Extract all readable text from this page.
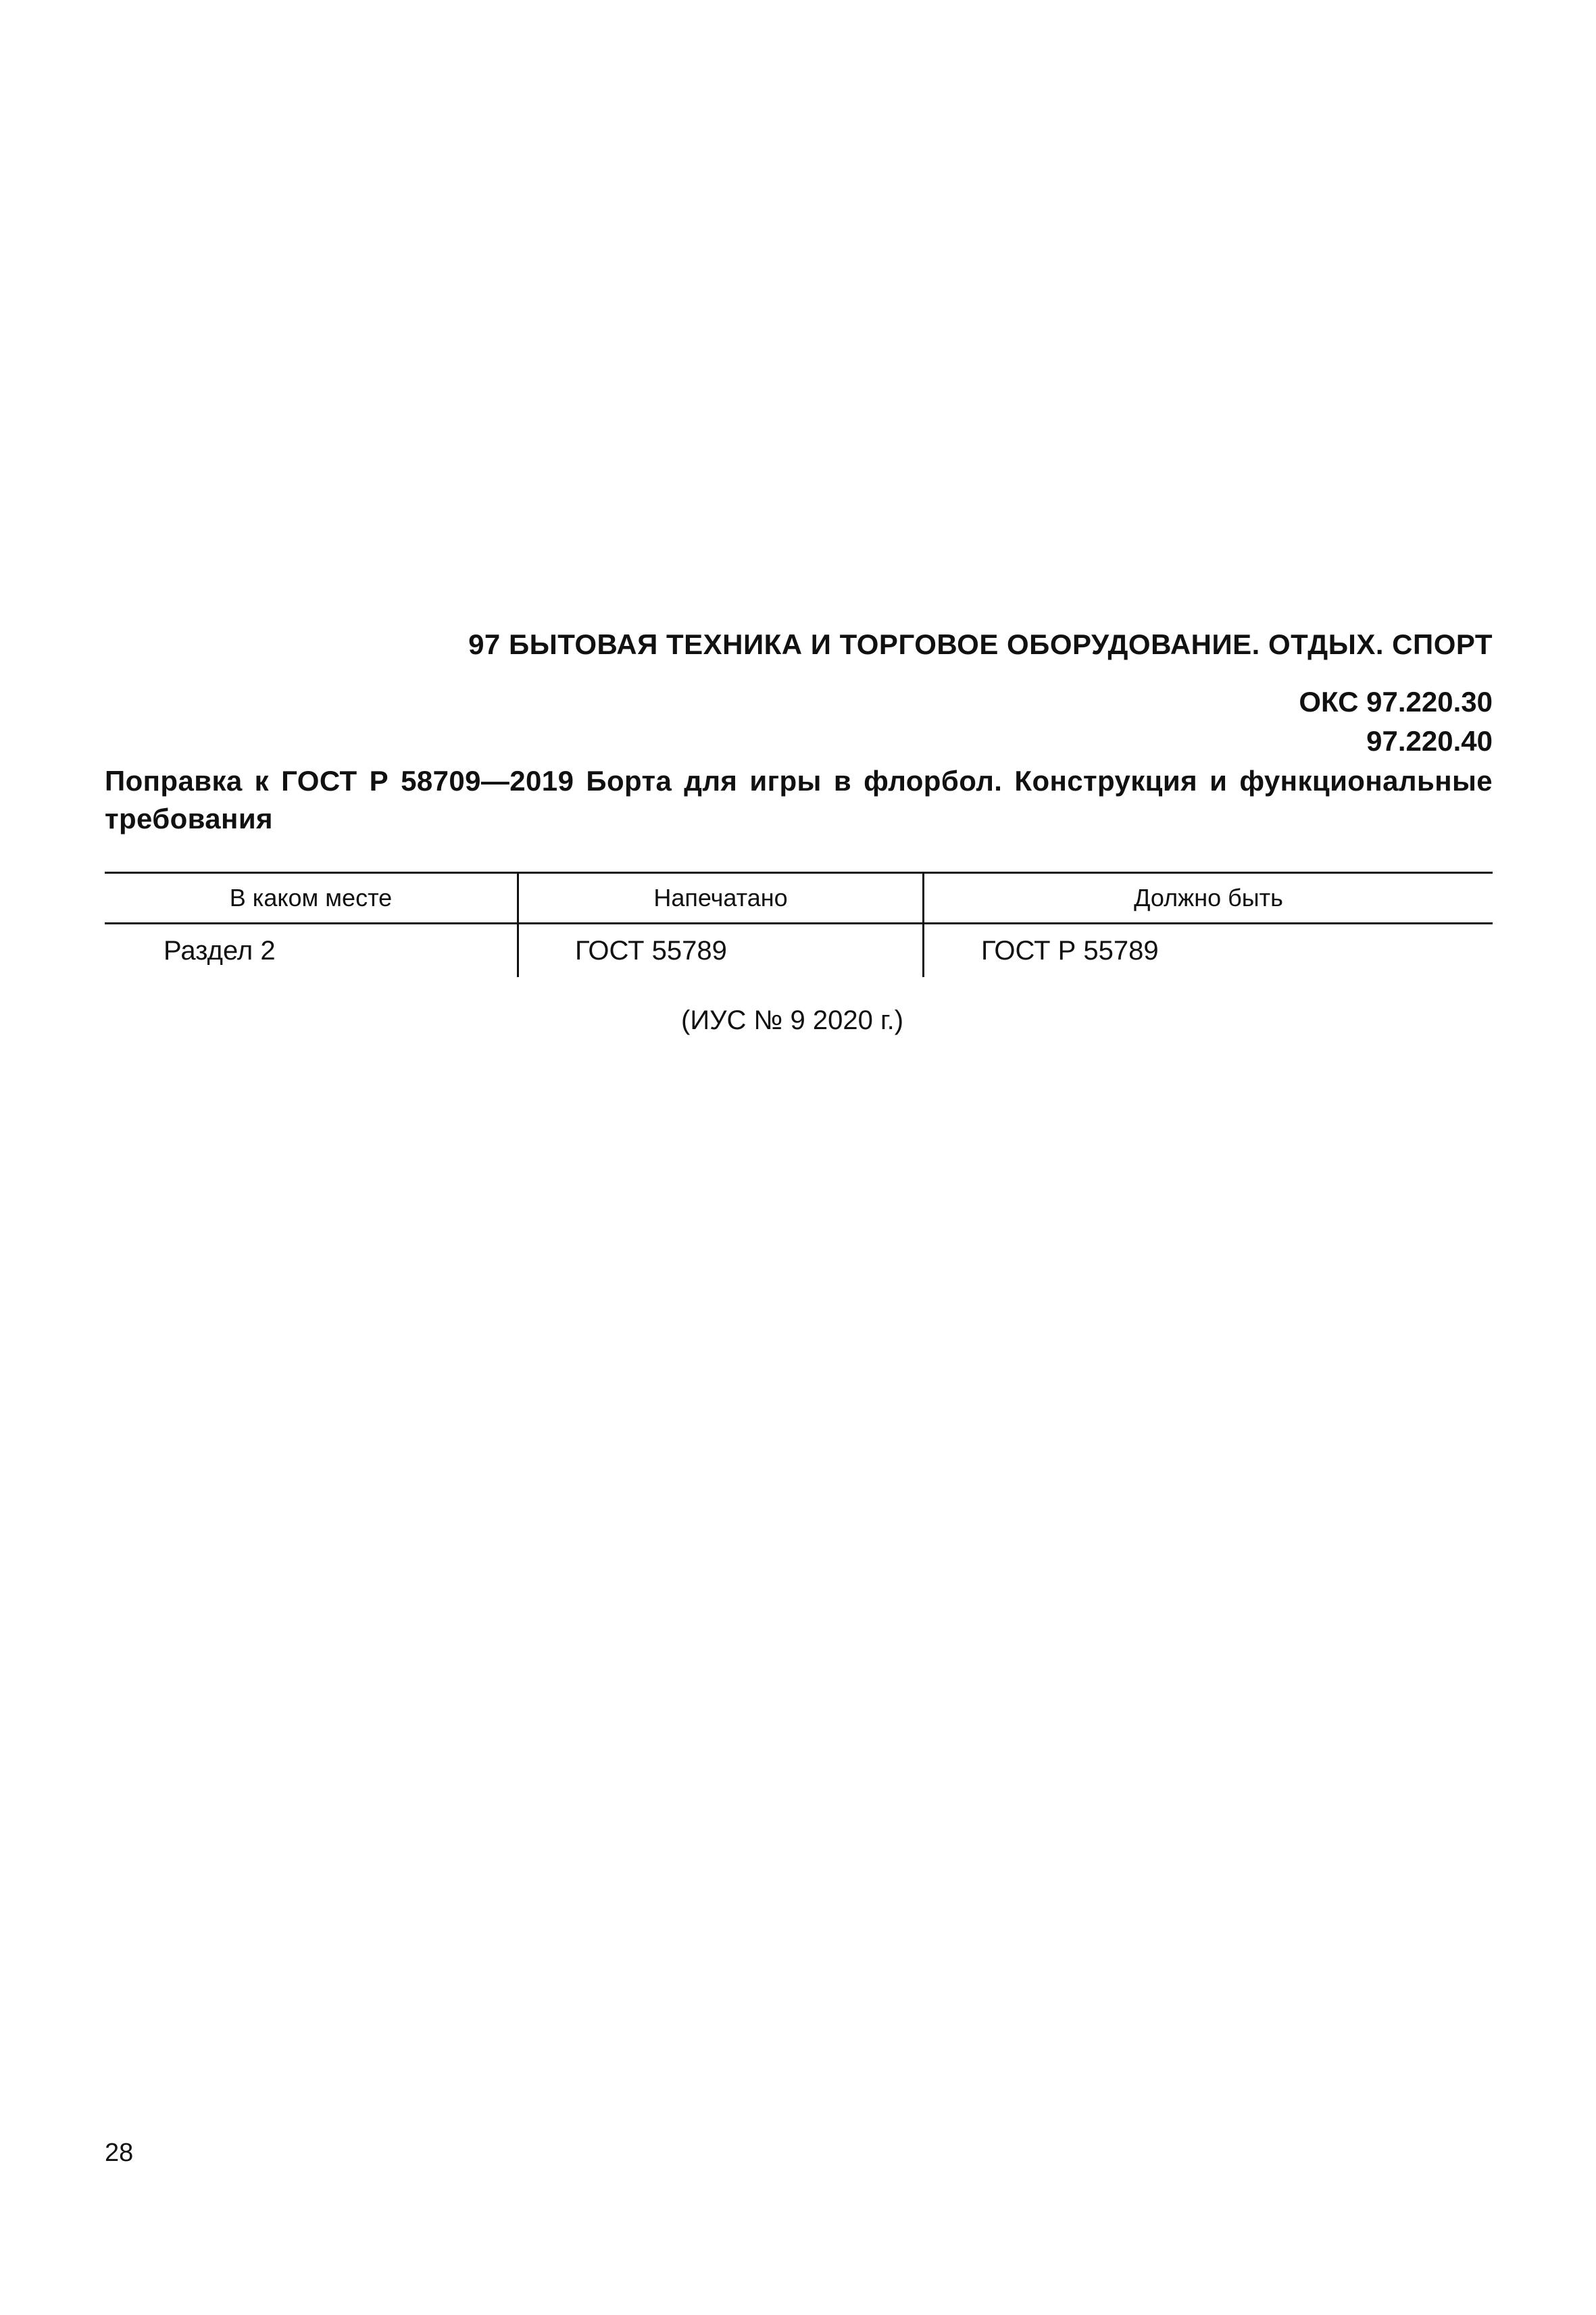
97 БЫТОВАЯ ТЕХНИКА И ТОРГОВОЕ ОБОРУДОВАНИЕ. ОТДЫХ. СПОРТ
ОКС 97.220.30
97.220.40
Поправка к ГОСТ Р 58709—2019 Борта для игры в флорбол. Конструкция и функциональные
требования
В каком месте	Напечатано	Должно быть
Раздел 2	ГОСТ 55789	ГОСТ Р 55789
(ИУС № 9 2020 г.)
28
